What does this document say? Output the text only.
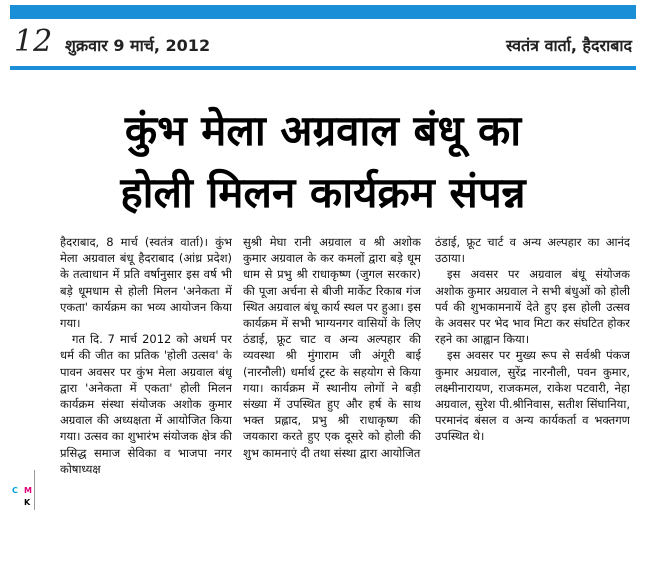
12 शुक्रवार 9 मार्च, 2012	स्वतंत्र वार्ता, हैदराबाद
कुंभ मेला अग्रवाल बंधू का
होली मिलन कार्यक्रम संपन्न

हैदराबाद, 8 मार्च (स्वतंत्र वार्ता)। कुंभ मेला अग्रवाल बंधू हैदराबाद (आंध्र प्रदेश) के तत्वाधान में प्रति वर्षानुसार इस वर्ष भी बड़े धूमधाम से होली मिलन 'अनेकता में एकता' कार्यक्रम का भव्य आयोजन किया गया।

गत दि. 7 मार्च 2012 को अधर्म पर धर्म की जीत का प्रतिक 'होली उत्सव' के पावन अवसर पर कुंभ मेला अग्रवाल बंधू द्वारा 'अनेकता में एकता' होली मिलन कार्यक्रम संस्था संयोजक अशोक कुमार अग्रवाल की अध्यक्षता में आयोजित किया गया। उत्सव का शुभारंभ संयोजक क्षेत्र की प्रसिद्ध समाज सेविका व भाजपा नगर कोषाध्यक्ष

सुश्री मेघा रानी अग्रवाल व श्री अशोक कुमार अग्रवाल के कर कमलों द्वारा बड़े धूम धाम से प्रभु श्री राधाकृष्ण (जुगल सरकार) की पूजा अर्चना से बीजी मार्केट रिकाब गंज स्थित अग्रवाल बंधू कार्य स्थल पर हुआ। इस कार्यक्रम में सभी भाग्यनगर वासियों के लिए ठंडाई, फ्रूट चाट व अन्य अल्पहार की व्यवस्था श्री मुंगाराम जी अंगूरी बाई (नारनौली) धर्मार्थ ट्रस्ट के सहयोग से किया गया। कार्यक्रम में स्थानीय लोगों ने बड़ी संख्या में उपस्थित हुए और हर्ष के साथ भक्त प्रह्लाद, प्रभु श्री राधाकृष्ण की जयकारा करते हुए एक दूसरे को होली की शुभ कामनाएं दी तथा संस्था द्वारा आयोजित

ठंडाई, फ्रूट चार्ट व अन्य अल्पहार का आनंद उठाया।

इस अवसर पर अग्रवाल बंधू संयोजक अशोक कुमार अग्रवाल ने सभी बंधुओं को होली पर्व की शुभकामनायें देते हुए इस होली उत्सव के अवसर पर भेद भाव मिटा कर संघटित होकर रहने का आह्वान किया।

इस अवसर पर मुख्य रूप से सर्वश्री पंकज कुमार अग्रवाल, सुरेंद्र नारनौली, पवन कुमार, लक्ष्मीनारायण, राजकमल, राकेश पटवारी, नेहा अग्रवाल, सुरेश पी.श्रीनिवास, सतीश सिंघानिया, परमानंद बंसल व अन्य कार्यकर्ता व भक्तगण उपस्थित थे।

C M
K
